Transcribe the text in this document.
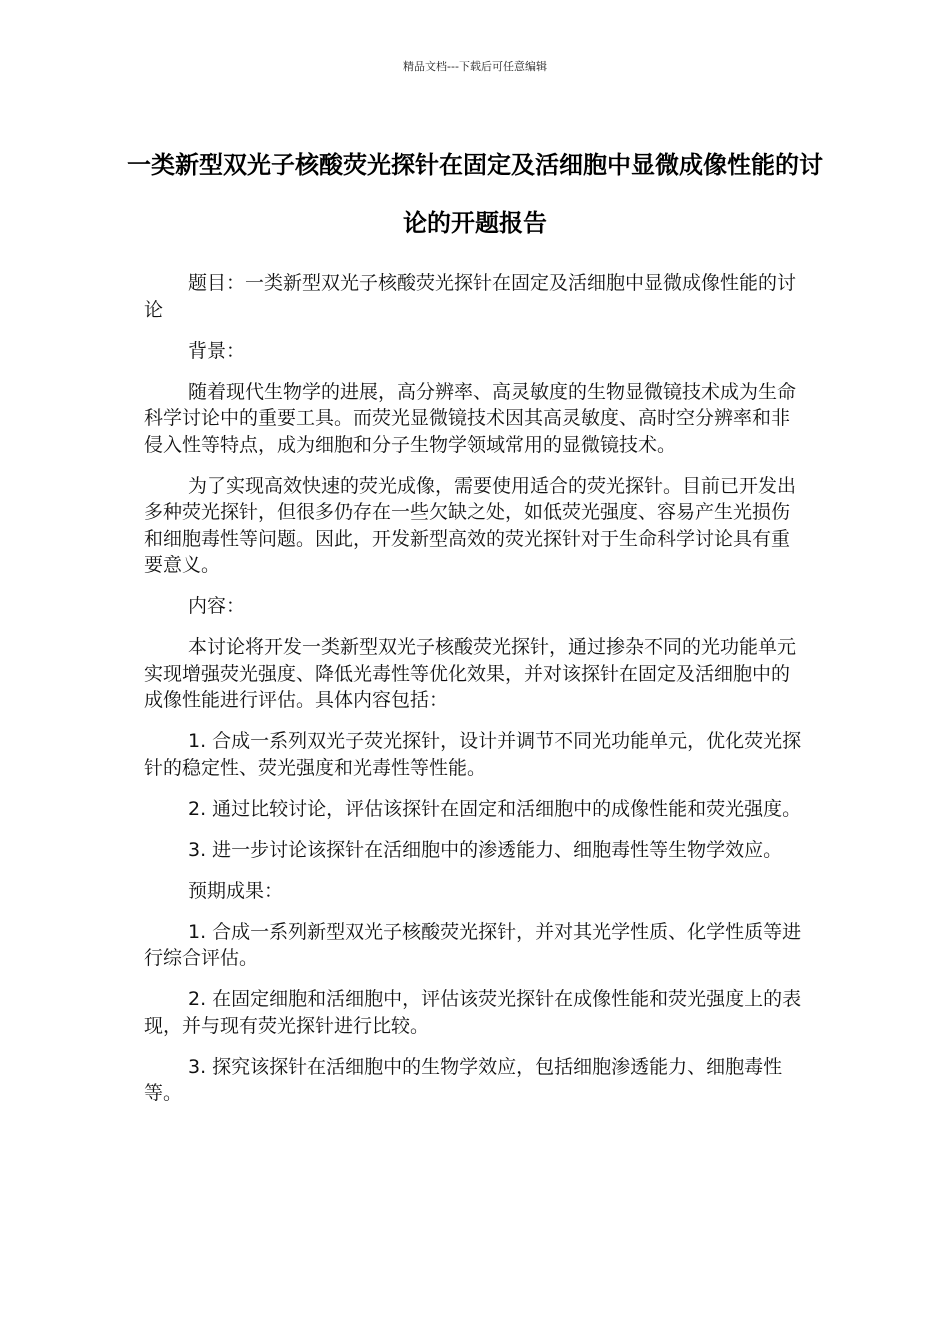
精品文档---下载后可任意编辑
一类新型双光子核酸荧光探针在固定及活细胞中显微成像性能的讨论的开题报告

题目：一类新型双光子核酸荧光探针在固定及活细胞中显微成像性能的讨论

背景：

随着现代生物学的进展，高分辨率、高灵敏度的生物显微镜技术成为生命科学讨论中的重要工具。而荧光显微镜技术因其高灵敏度、高时空分辨率和非侵入性等特点，成为细胞和分子生物学领域常用的显微镜技术。

为了实现高效快速的荧光成像，需要使用适合的荧光探针。目前已开发出多种荧光探针，但很多仍存在一些欠缺之处，如低荧光强度、容易产生光损伤和细胞毒性等问题。因此，开发新型高效的荧光探针对于生命科学讨论具有重要意义。

内容：

本讨论将开发一类新型双光子核酸荧光探针，通过掺杂不同的光功能单元实现增强荧光强度、降低光毒性等优化效果，并对该探针在固定及活细胞中的成像性能进行评估。具体内容包括：

1. 合成一系列双光子荧光探针，设计并调节不同光功能单元，优化荧光探针的稳定性、荧光强度和光毒性等性能。

2. 通过比较讨论，评估该探针在固定和活细胞中的成像性能和荧光强度。

3. 进一步讨论该探针在活细胞中的渗透能力、细胞毒性等生物学效应。

预期成果：

1. 合成一系列新型双光子核酸荧光探针，并对其光学性质、化学性质等进行综合评估。

2. 在固定细胞和活细胞中，评估该荧光探针在成像性能和荧光强度上的表现，并与现有荧光探针进行比较。

3. 探究该探针在活细胞中的生物学效应，包括细胞渗透能力、细胞毒性等。
